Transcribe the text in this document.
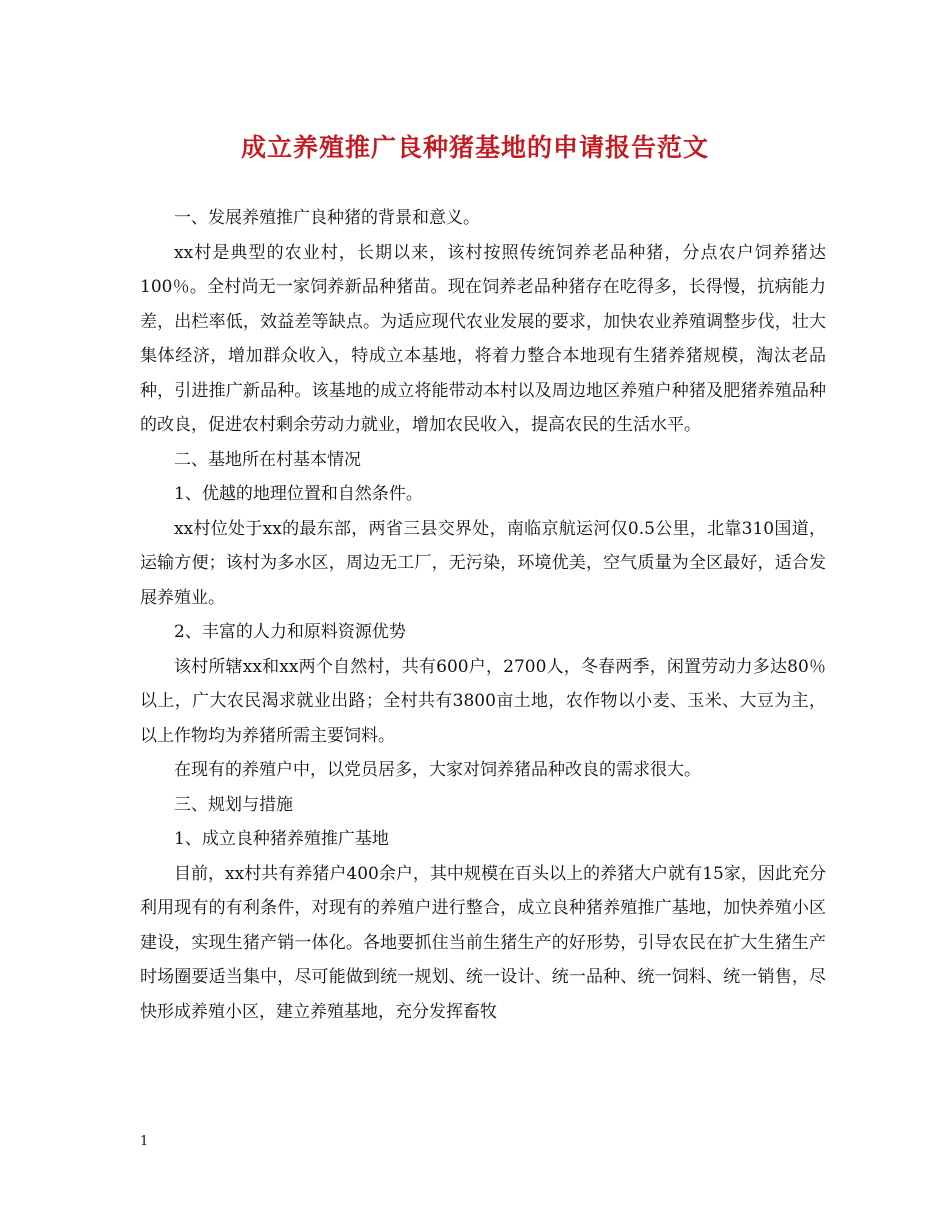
成立养殖推广良种猪基地的申请报告范文

一、发展养殖推广良种猪的背景和意义。

xx村是典型的农业村，长期以来，该村按照传统饲养老品种猪，分点农户饲养猪达100％。全村尚无一家饲养新品种猪苗。现在饲养老品种猪存在吃得多，长得慢，抗病能力差，出栏率低，效益差等缺点。为适应现代农业发展的要求，加快农业养殖调整步伐，壮大集体经济，增加群众收入，特成立本基地，将着力整合本地现有生猪养猪规模，淘汰老品种，引进推广新品种。该基地的成立将能带动本村以及周边地区养殖户种猪及肥猪养殖品种的改良，促进农村剩余劳动力就业，增加农民收入，提高农民的生活水平。

二、基地所在村基本情况

1、优越的地理位置和自然条件。

xx村位处于xx的最东部，两省三县交界处，南临京航运河仅0.5公里，北靠310国道，运输方便；该村为多水区，周边无工厂，无污染，环境优美，空气质量为全区最好，适合发展养殖业。

2、丰富的人力和原料资源优势

该村所辖xx和xx两个自然村，共有600户，2700人，冬春两季，闲置劳动力多达80％以上，广大农民渴求就业出路；全村共有3800亩土地，农作物以小麦、玉米、大豆为主，以上作物均为养猪所需主要饲料。

在现有的养殖户中，以党员居多，大家对饲养猪品种改良的需求很大。

三、规划与措施

1、成立良种猪养殖推广基地

目前，xx村共有养猪户400余户，其中规模在百头以上的养猪大户就有15家，因此充分利用现有的有利条件，对现有的养殖户进行整合，成立良种猪养殖推广基地，加快养殖小区建设，实现生猪产销一体化。各地要抓住当前生猪生产的好形势，引导农民在扩大生猪生产时场圈要适当集中，尽可能做到统一规划、统一设计、统一品种、统一饲料、统一销售，尽快形成养殖小区，建立养殖基地，充分发挥畜牧

1
